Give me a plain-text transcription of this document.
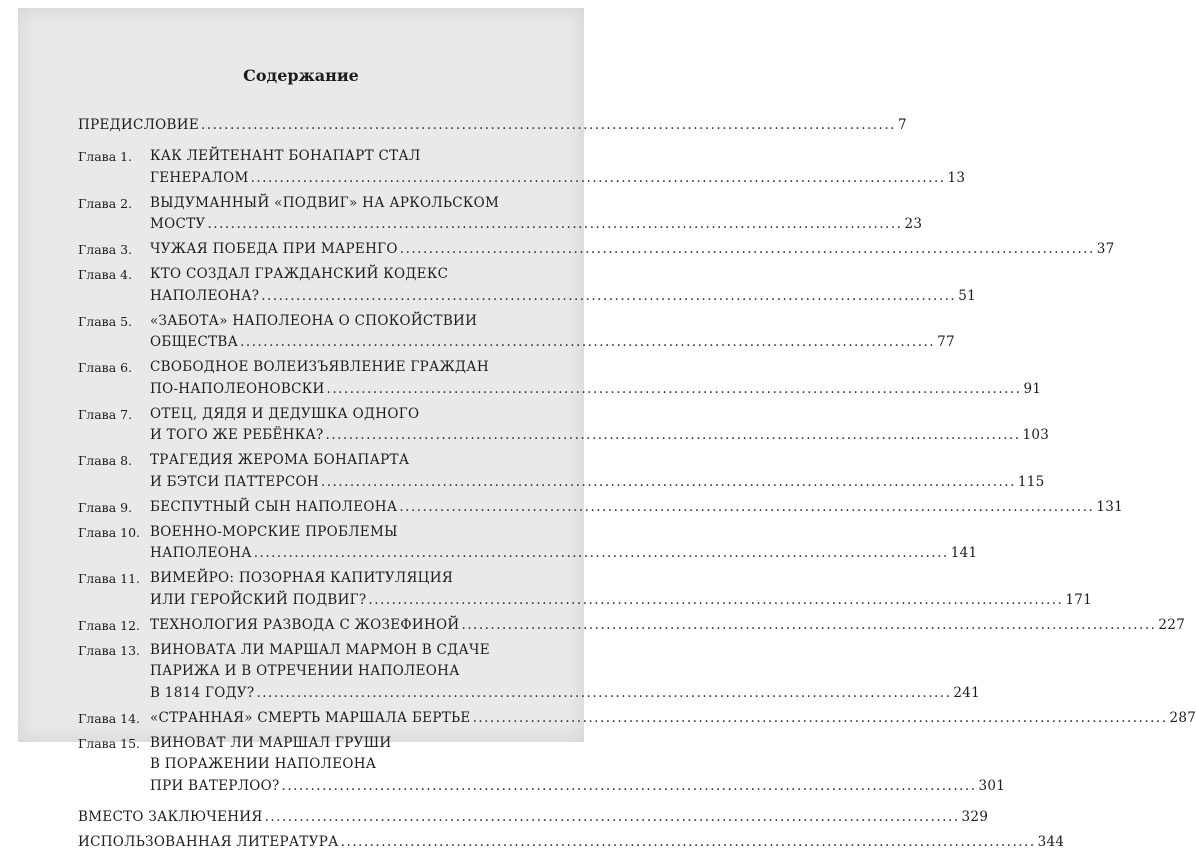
Содержание
ПРЕДИСЛОВИЕ ........................................................................................................................ 7
Глава 1. КАК ЛЕЙТЕНАНТ БОНАПАРТ СТАЛ
ГЕНЕРАЛОМ ........................................................................................................................ 13
Глава 2. ВЫДУМАННЫЙ «ПОДВИГ» НА АРКОЛЬСКОМ
МОСТУ ........................................................................................................................ 23
Глава 3. ЧУЖАЯ ПОБЕДА ПРИ МАРЕНГО ........................................................................................................................ 37
Глава 4. КТО СОЗДАЛ ГРАЖДАНСКИЙ КОДЕКС
НАПОЛЕОНА? ........................................................................................................................ 51
Глава 5. «ЗАБОТА» НАПОЛЕОНА О СПОКОЙСТВИИ
ОБЩЕСТВА ........................................................................................................................ 77
Глава 6. СВОБОДНОЕ ВОЛЕИЗЪЯВЛЕНИЕ ГРАЖДАН
ПО-НАПОЛЕОНОВСКИ ........................................................................................................................ 91
Глава 7. ОТЕЦ, ДЯДЯ И ДЕДУШКА ОДНОГО
И ТОГО ЖЕ РЕБЁНКА? ........................................................................................................................ 103
Глава 8. ТРАГЕДИЯ ЖЕРОМА БОНАПАРТА
И БЭТСИ ПАТТЕРСОН ........................................................................................................................ 115
Глава 9. БЕСПУТНЫЙ СЫН НАПОЛЕОНА ........................................................................................................................ 131
Глава 10. ВОЕННО-МОРСКИЕ ПРОБЛЕМЫ
НАПОЛЕОНА ........................................................................................................................ 141
Глава 11. ВИМЕЙРО: ПОЗОРНАЯ КАПИТУЛЯЦИЯ
ИЛИ ГЕРОЙСКИЙ ПОДВИГ? ........................................................................................................................ 171
Глава 12. ТЕХНОЛОГИЯ РАЗВОДА С ЖОЗЕФИНОЙ ........................................................................................................................ 227
Глава 13. ВИНОВАТА ЛИ МАРШАЛ МАРМОН В СДАЧЕ
ПАРИЖА И В ОТРЕЧЕНИИ НАПОЛЕОНА
В 1814 ГОДУ? ........................................................................................................................ 241
Глава 14. «СТРАННАЯ» СМЕРТЬ МАРШАЛА БЕРТЬЕ ........................................................................................................................ 287
Глава 15. ВИНОВАТ ЛИ МАРШАЛ ГРУШИ
В ПОРАЖЕНИИ НАПОЛЕОНА
ПРИ ВАТЕРЛОО? ........................................................................................................................ 301
ВМЕСТО ЗАКЛЮЧЕНИЯ ........................................................................................................................ 329
ИСПОЛЬЗОВАННАЯ ЛИТЕРАТУРА ........................................................................................................................ 344
